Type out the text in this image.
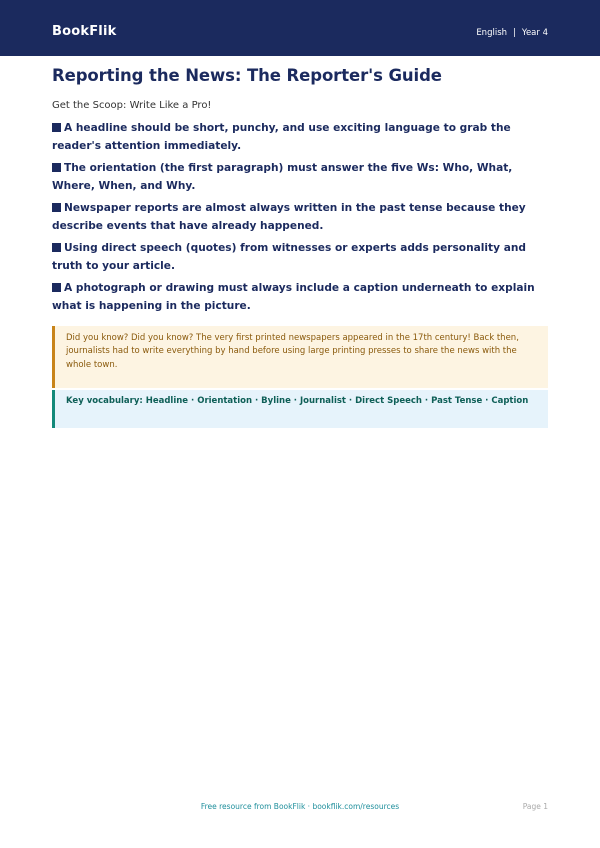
BookFlik	English | Year 4
Reporting the News: The Reporter's Guide
Get the Scoop: Write Like a Pro!
A headline should be short, punchy, and use exciting language to grab the reader's attention immediately.
The orientation (the first paragraph) must answer the five Ws: Who, What, Where, When, and Why.
Newspaper reports are almost always written in the past tense because they describe events that have already happened.
Using direct speech (quotes) from witnesses or experts adds personality and truth to your article.
A photograph or drawing must always include a caption underneath to explain what is happening in the picture.
Did you know? Did you know? The very first printed newspapers appeared in the 17th century! Back then, journalists had to write everything by hand before using large printing presses to share the news with the whole town.
Key vocabulary: Headline · Orientation · Byline · Journalist · Direct Speech · Past Tense · Caption
Free resource from BookFlik · bookflik.com/resources	Page 1
